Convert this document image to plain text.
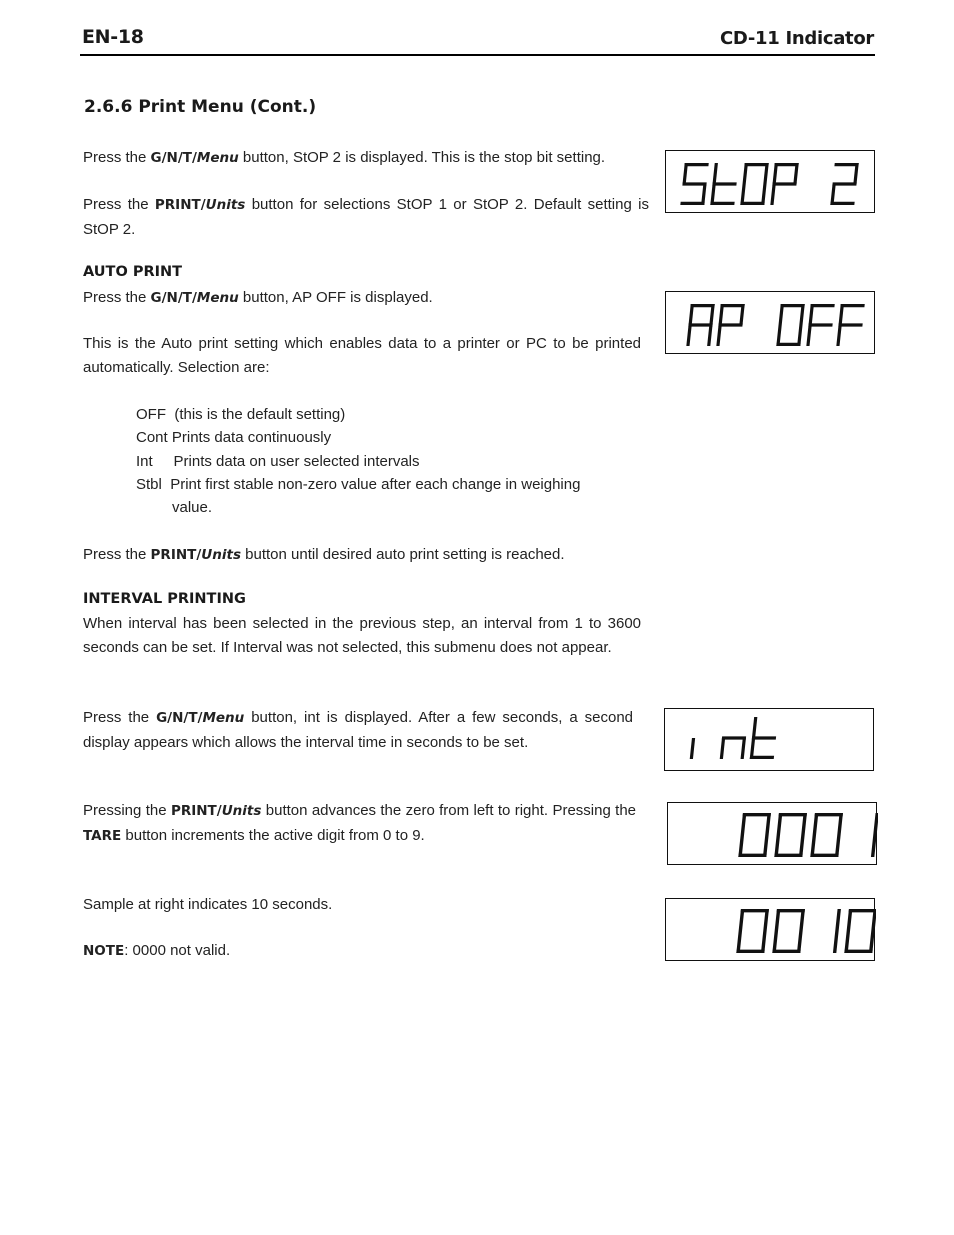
EN-18	CD-11 Indicator
2.6.6 Print Menu (Cont.)
Press the G/N/T/Menu button, StOP 2 is displayed. This is the stop bit setting.
Press the PRINT/Units button for selections StOP 1 or StOP 2. Default setting is StOP 2.
AUTO PRINT
Press the G/N/T/Menu button, AP OFF is displayed.
This is the Auto print setting which enables data to a printer or PC to be printed automatically. Selection are:
OFF (this is the default setting)
Cont Prints data continuously
Int Prints data on user selected intervals
Stbl Print first stable non-zero value after each change in weighing
value.
Press the PRINT/Units button until desired auto print setting is reached.
INTERVAL PRINTING
When interval has been selected in the previous step, an interval from 1 to 3600 seconds can be set. If Interval was not selected, this submenu does not appear.
Press the G/N/T/Menu button, int is displayed. After a few seconds, a second display appears which allows the interval time in seconds to be set.
Pressing the PRINT/Units button advances the zero from left to right. Pressing the TARE button increments the active digit from 0 to 9.
Sample at right indicates 10 seconds.
NOTE: 0000 not valid.
